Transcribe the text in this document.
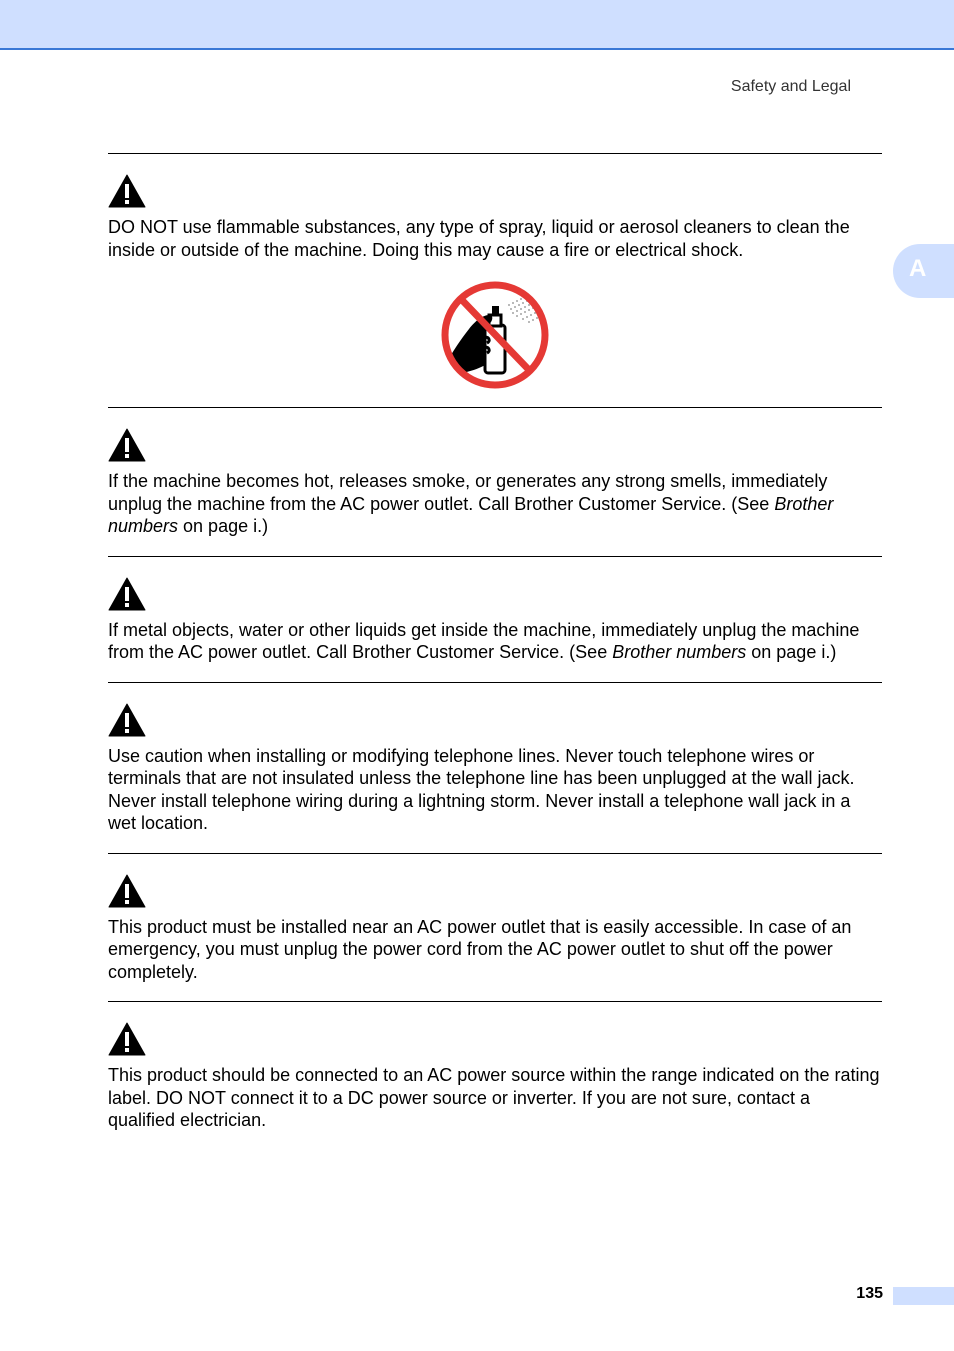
Safety and Legal
A

DO NOT use flammable substances, any type of spray, liquid or aerosol cleaners to clean the inside or outside of the machine. Doing this may cause a fire or electrical shock.

If the machine becomes hot, releases smoke, or generates any strong smells, immediately unplug the machine from the AC power outlet. Call Brother Customer Service. (See Brother numbers on page i.)

If metal objects, water or other liquids get inside the machine, immediately unplug the machine from the AC power outlet. Call Brother Customer Service. (See Brother numbers on page i.)

Use caution when installing or modifying telephone lines. Never touch telephone wires or terminals that are not insulated unless the telephone line has been unplugged at the wall jack. Never install telephone wiring during a lightning storm. Never install a telephone wall jack in a wet location.

This product must be installed near an AC power outlet that is easily accessible. In case of an emergency, you must unplug the power cord from the AC power outlet to shut off the power completely.

This product should be connected to an AC power source within the range indicated on the rating label. DO NOT connect it to a DC power source or inverter. If you are not sure, contact a qualified electrician.

135
